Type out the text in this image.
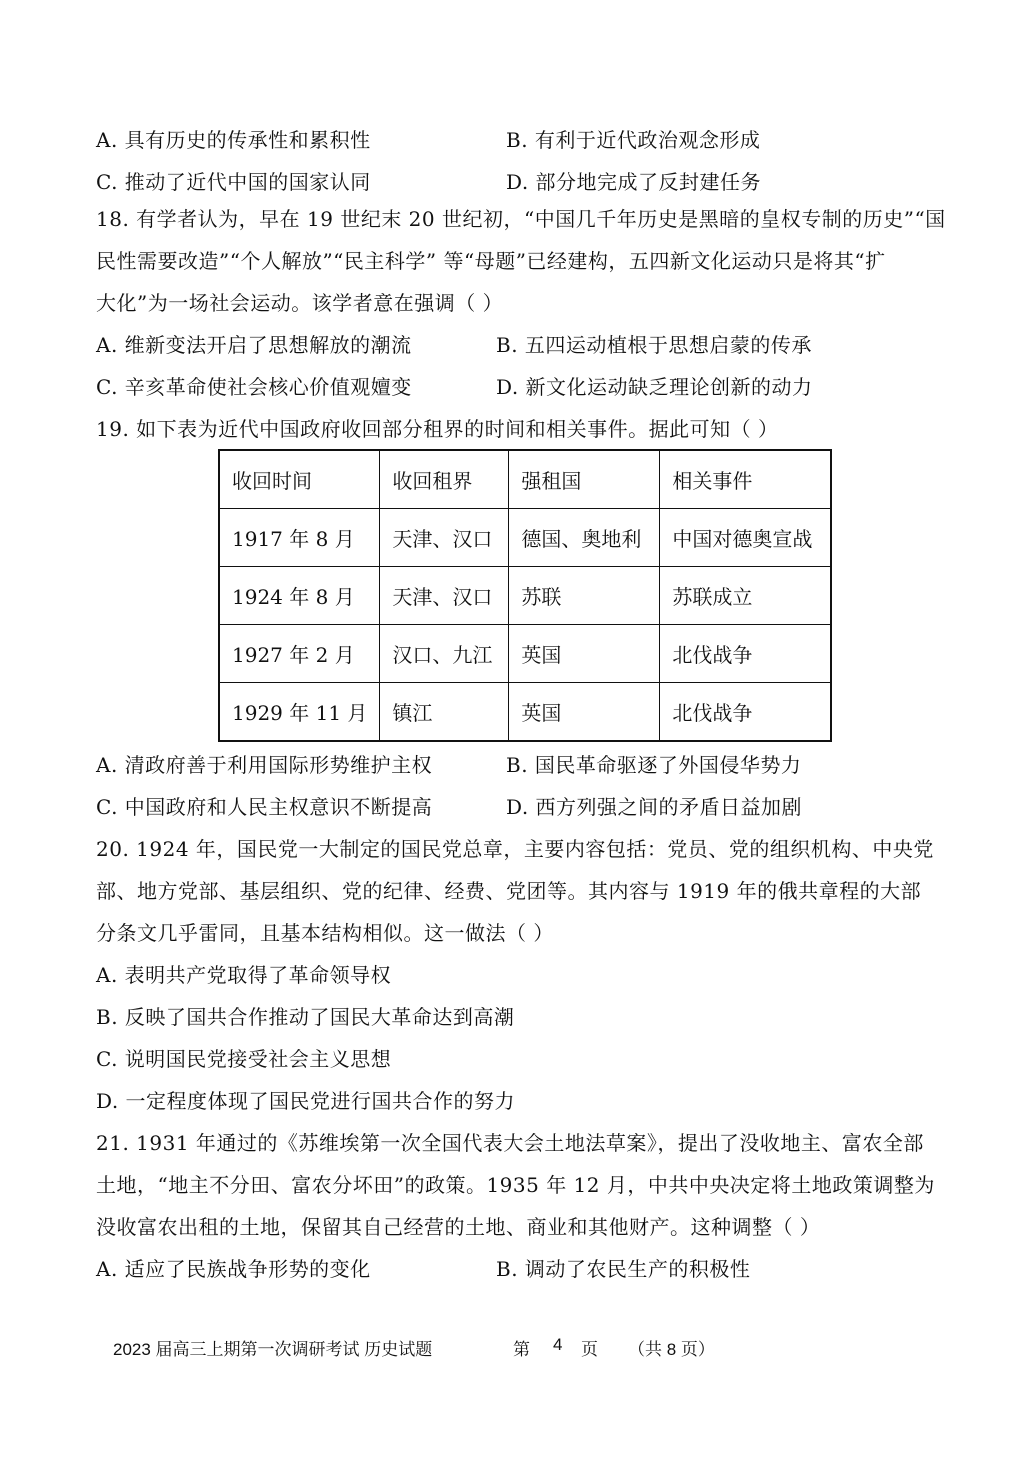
A. 具有历史的传承性和累积性	B. 有利于近代政治观念形成
C. 推动了近代中国的国家认同	D. 部分地完成了反封建任务
18. 有学者认为，早在 19 世纪末 20 世纪初，“中国几千年历史是黑暗的皇权专制的历史”“国
民性需要改造”“个人解放”“民主科学” 等“母题”已经建构，五四新文化运动只是将其“扩
大化”为一场社会运动。该学者意在强调（ ）
A. 维新变法开启了思想解放的潮流	B. 五四运动植根于思想启蒙的传承
C. 辛亥革命使社会核心价值观嬗变	D. 新文化运动缺乏理论创新的动力
19. 如下表为近代中国政府收回部分租界的时间和相关事件。据此可知（ ）
收回时间	收回租界	强租国	相关事件
1917 年 8 月	天津、汉口	德国、奥地利	中国对德奥宣战
1924 年 8 月	天津、汉口	苏联	苏联成立
1927 年 2 月	汉口、九江	英国	北伐战争
1929 年 11 月	镇江	英国	北伐战争
A. 清政府善于利用国际形势维护主权	B. 国民革命驱逐了外国侵华势力
C. 中国政府和人民主权意识不断提高	D. 西方列强之间的矛盾日益加剧
20. 1924 年，国民党一大制定的国民党总章，主要内容包括：党员、党的组织机构、中央党
部、地方党部、基层组织、党的纪律、经费、党团等。其内容与 1919 年的俄共章程的大部
分条文几乎雷同，且基本结构相似。这一做法（ ）
A. 表明共产党取得了革命领导权
B. 反映了国共合作推动了国民大革命达到高潮
C. 说明国民党接受社会主义思想
D. 一定程度体现了国民党进行国共合作的努力
21. 1931 年通过的《苏维埃第一次全国代表大会土地法草案》，提出了没收地主、富农全部
土地，“地主不分田、富农分坏田”的政策。1935 年 12 月，中共中央决定将土地政策调整为
没收富农出租的土地，保留其自己经营的土地、商业和其他财产。这种调整（ ）
A. 适应了民族战争形势的变化	B. 调动了农民生产的积极性
2023 届高三上期第一次调研考试 历史试题	第 4 页 （共 8 页）
